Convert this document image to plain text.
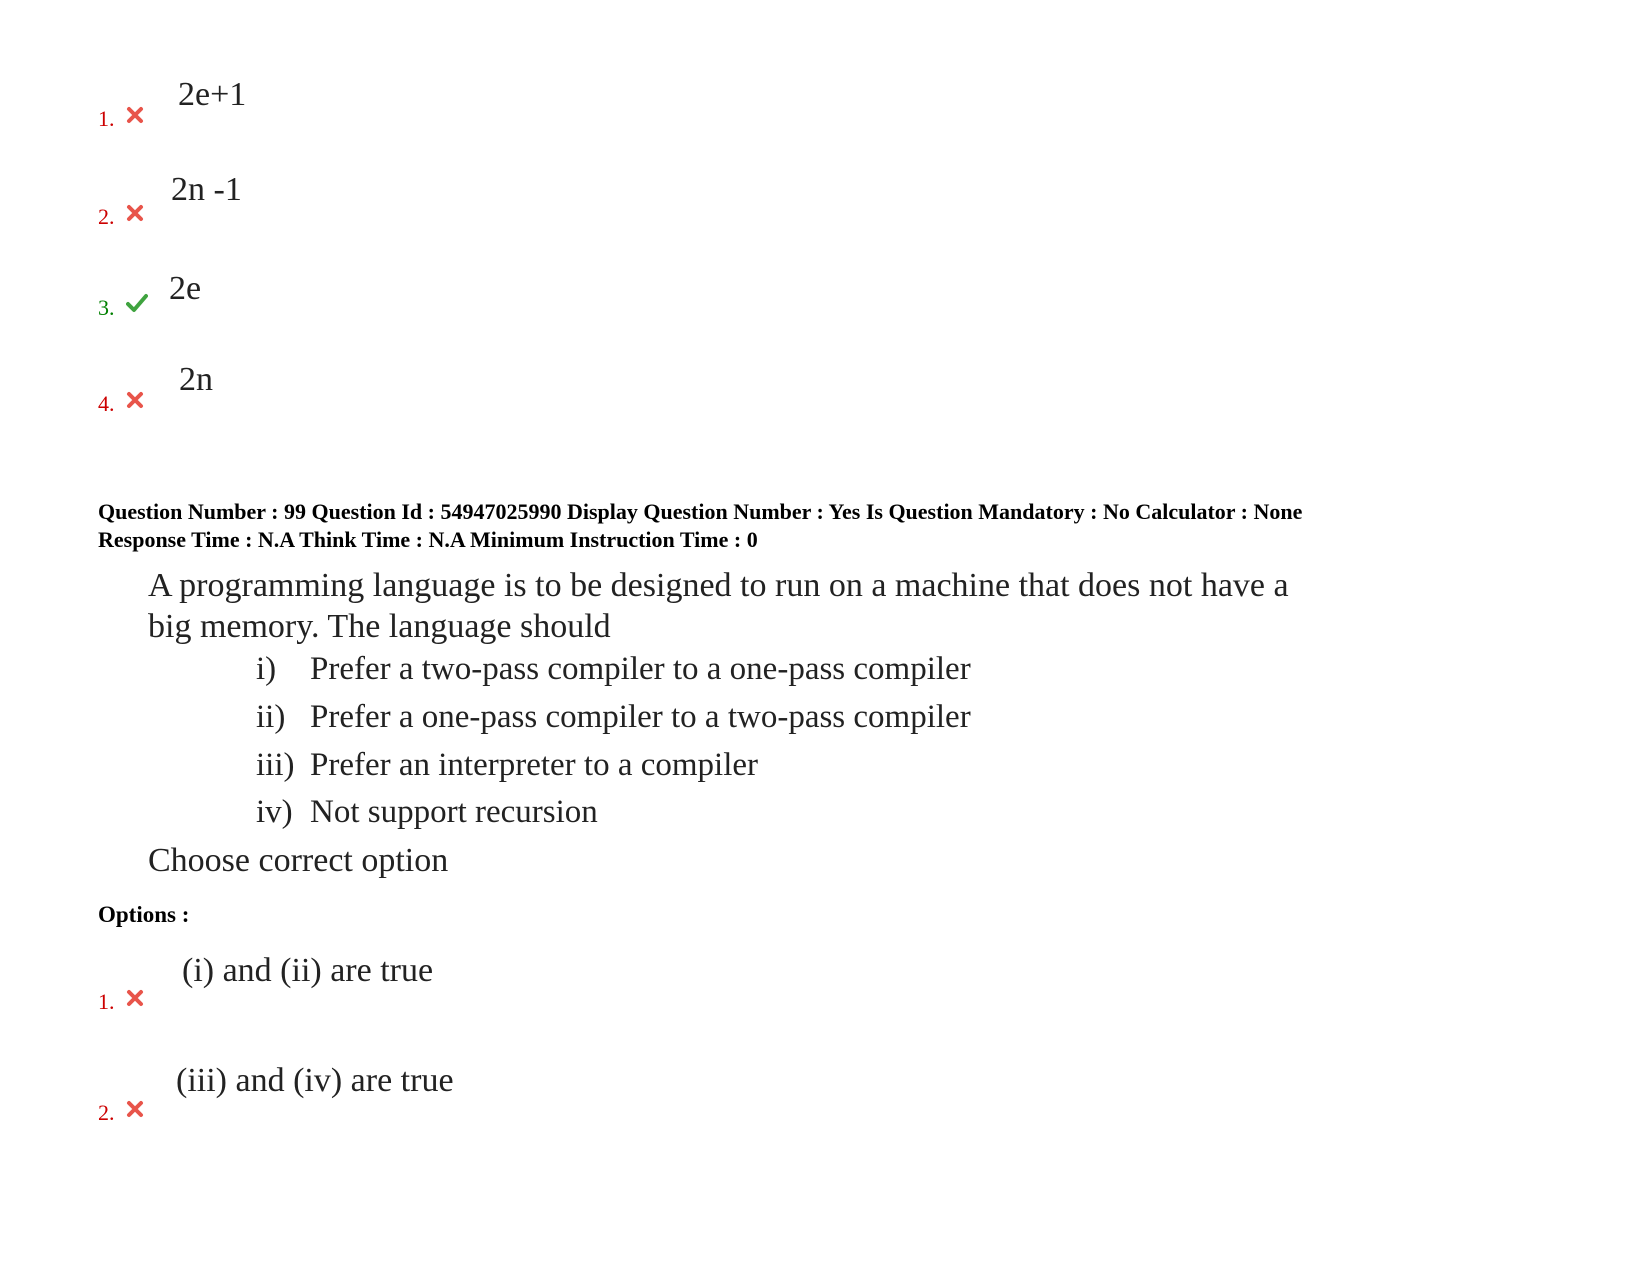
1.
2e+1
2.
2n -1
3.
2e
4.
2n
Question Number : 99 Question Id : 54947025990 Display Question Number : Yes Is Question Mandatory : No Calculator : None
Response Time : N.A Think Time : N.A Minimum Instruction Time : 0
A programming language is to be designed to run on a machine that does not have a
big memory. The language should
i) Prefer a two-pass compiler to a one-pass compiler
ii) Prefer a one-pass compiler to a two-pass compiler
iii) Prefer an interpreter to a compiler
iv) Not support recursion
Choose correct option
Options :
1.
(i) and (ii) are true
2.
(iii) and (iv) are true
